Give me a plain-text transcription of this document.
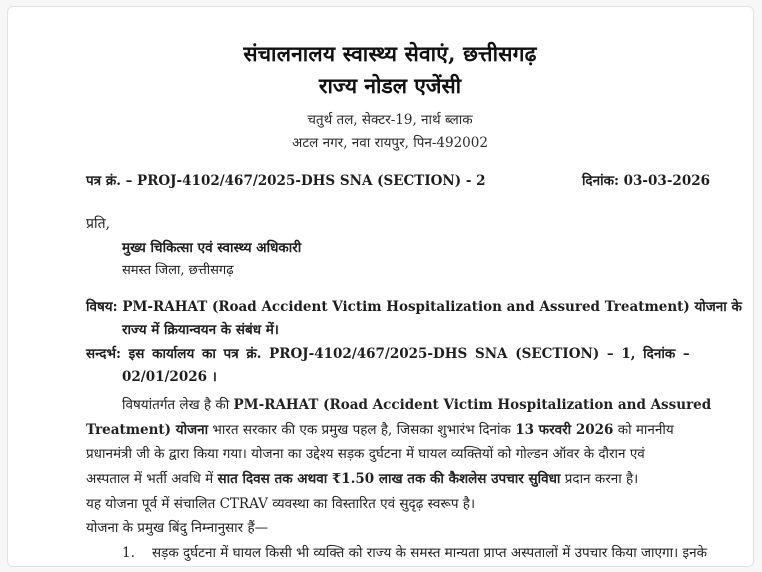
संचालनालय स्वास्थ्य सेवाएं, छत्तीसगढ़
राज्य नोडल एजेंसी
चतुर्थ तल, सेक्टर-19, नार्थ ब्लाक
अटल नगर, नवा रायपुर, पिन-492002
पत्र क्रं. – PROJ-4102/467/2025-DHS SNA (SECTION) - 2	दिनांक: 03-03-2026
प्रति,
मुख्य चिकित्सा एवं स्वास्थ्य अधिकारी
समस्त जिला, छत्तीसगढ़
विषय: PM-RAHAT (Road Accident Victim Hospitalization and Assured Treatment) योजना के
राज्य में क्रियान्वयन के संबंध में।
सन्दर्भ: इस कार्यालय का पत्र क्रं. PROJ-4102/467/2025-DHS SNA (SECTION) – 1, दिनांक –
02/01/2026 ।
विषयांतर्गत लेख है की PM-RAHAT (Road Accident Victim Hospitalization and Assured
Treatment) योजना भारत सरकार की एक प्रमुख पहल है, जिसका शुभारंभ दिनांक 13 फरवरी 2026 को माननीय
प्रधानमंत्री जी के द्वारा किया गया। योजना का उद्देश्य सड़क दुर्घटना में घायल व्यक्तियों को गोल्डन ऑवर के दौरान एवं
अस्पताल में भर्ती अवधि में सात दिवस तक अथवा ₹1.50 लाख तक की कैशलेस उपचार सुविधा प्रदान करना है।
यह योजना पूर्व में संचालित CTRAV व्यवस्था का विस्तारित एवं सुदृढ़ स्वरूप है।
योजना के प्रमुख बिंदु निम्नानुसार हैं—
1. सड़क दुर्घटना में घायल किसी भी व्यक्ति को राज्य के समस्त मान्यता प्राप्त अस्पतालों में उपचार किया जाएगा। इनके
